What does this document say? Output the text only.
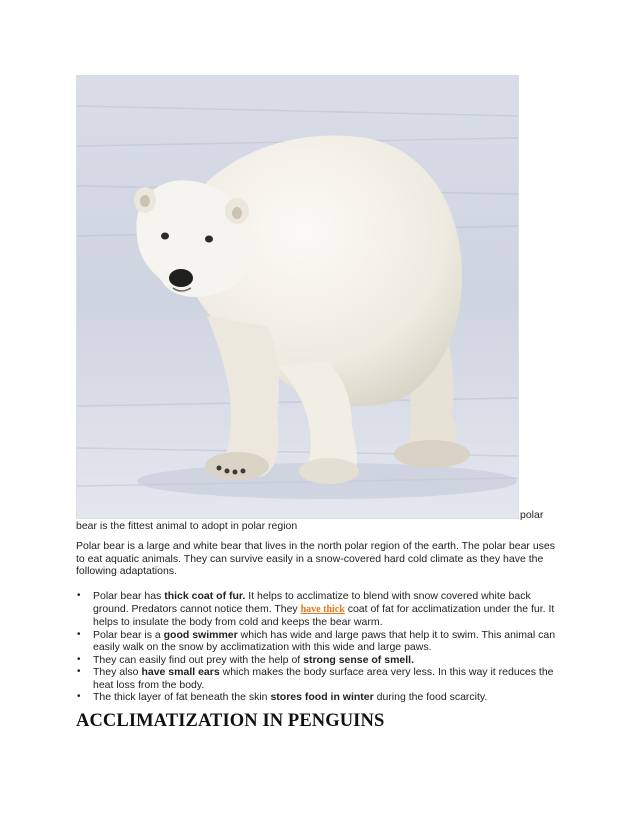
polar
bear is the fittest animal to adopt in polar region

Polar bear is a large and white bear that lives in the north polar region of the earth. The polar bear uses to eat aquatic animals. They can survive easily in a snow-covered hard cold climate as they have the following adaptations.

• Polar bear has thick coat of fur. It helps to acclimatize to blend with snow covered white back ground. Predators cannot notice them. They have thick coat of fat for acclimatization under the fur. It helps to insulate the body from cold and keeps the bear warm.
• Polar bear is a good swimmer which has wide and large paws that help it to swim. This animal can easily walk on the snow by acclimatization with this wide and large paws.
• They can easily find out prey with the help of strong sense of smell.
• They also have small ears which makes the body surface area very less. In this way it reduces the heat loss from the body.
• The thick layer of fat beneath the skin stores food in winter during the food scarcity.
ACCLIMATIZATION IN PENGUINS
